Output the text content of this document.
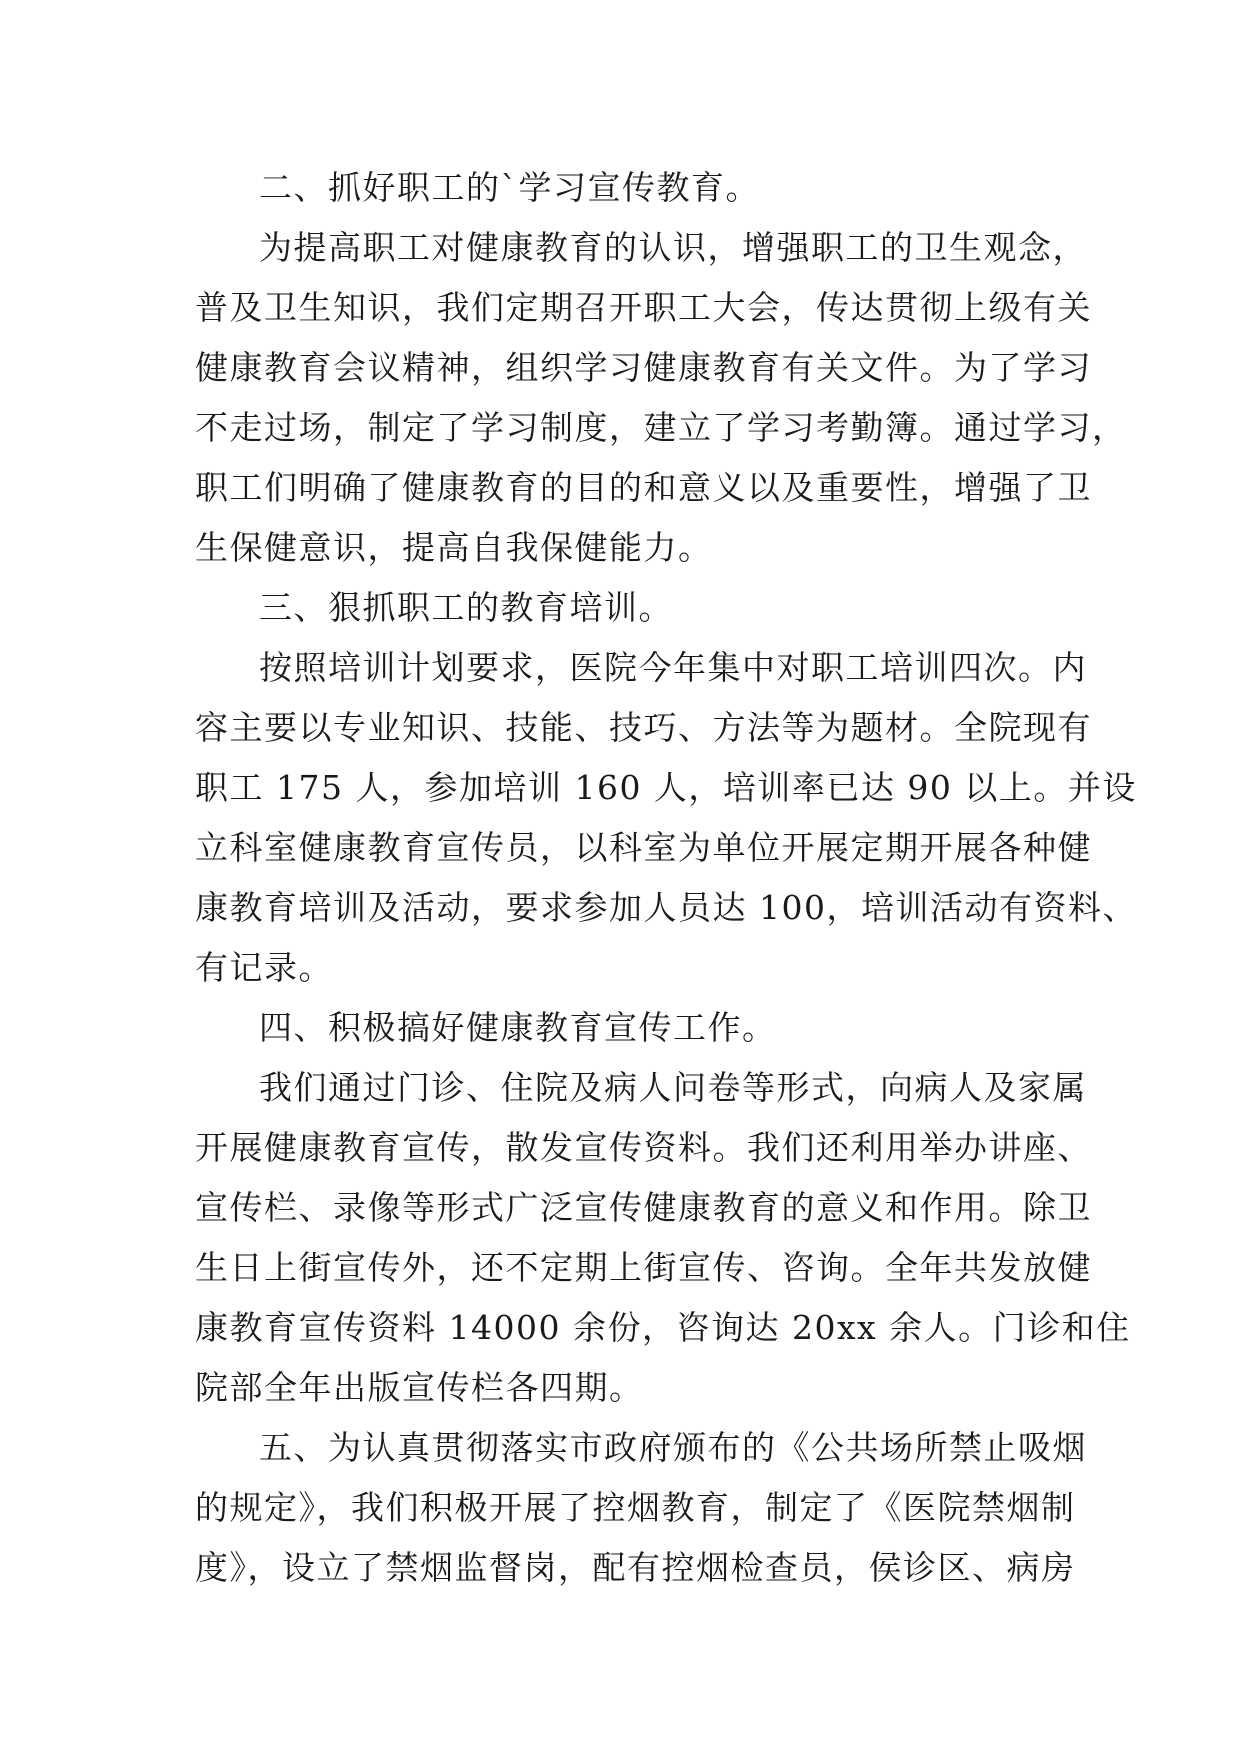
二、抓好职工的`学习宣传教育。
为提高职工对健康教育的认识，增强职工的卫生观念，
普及卫生知识，我们定期召开职工大会，传达贯彻上级有关
健康教育会议精神，组织学习健康教育有关文件。为了学习
不走过场，制定了学习制度，建立了学习考勤簿。通过学习，
职工们明确了健康教育的目的和意义以及重要性，增强了卫
生保健意识，提高自我保健能力。
三、狠抓职工的教育培训。
按照培训计划要求，医院今年集中对职工培训四次。内
容主要以专业知识、技能、技巧、方法等为题材。全院现有
职工 175 人，参加培训 160 人，培训率已达 90 以上。并设
立科室健康教育宣传员，以科室为单位开展定期开展各种健
康教育培训及活动，要求参加人员达 100，培训活动有资料、
有记录。
四、积极搞好健康教育宣传工作。
我们通过门诊、住院及病人问卷等形式，向病人及家属
开展健康教育宣传，散发宣传资料。我们还利用举办讲座、
宣传栏、录像等形式广泛宣传健康教育的意义和作用。除卫
生日上街宣传外，还不定期上街宣传、咨询。全年共发放健
康教育宣传资料 14000 余份，咨询达 20xx 余人。门诊和住
院部全年出版宣传栏各四期。
五、为认真贯彻落实市政府颁布的《公共场所禁止吸烟
的规定》，我们积极开展了控烟教育，制定了《医院禁烟制
度》，设立了禁烟监督岗，配有控烟检查员，侯诊区、病房
